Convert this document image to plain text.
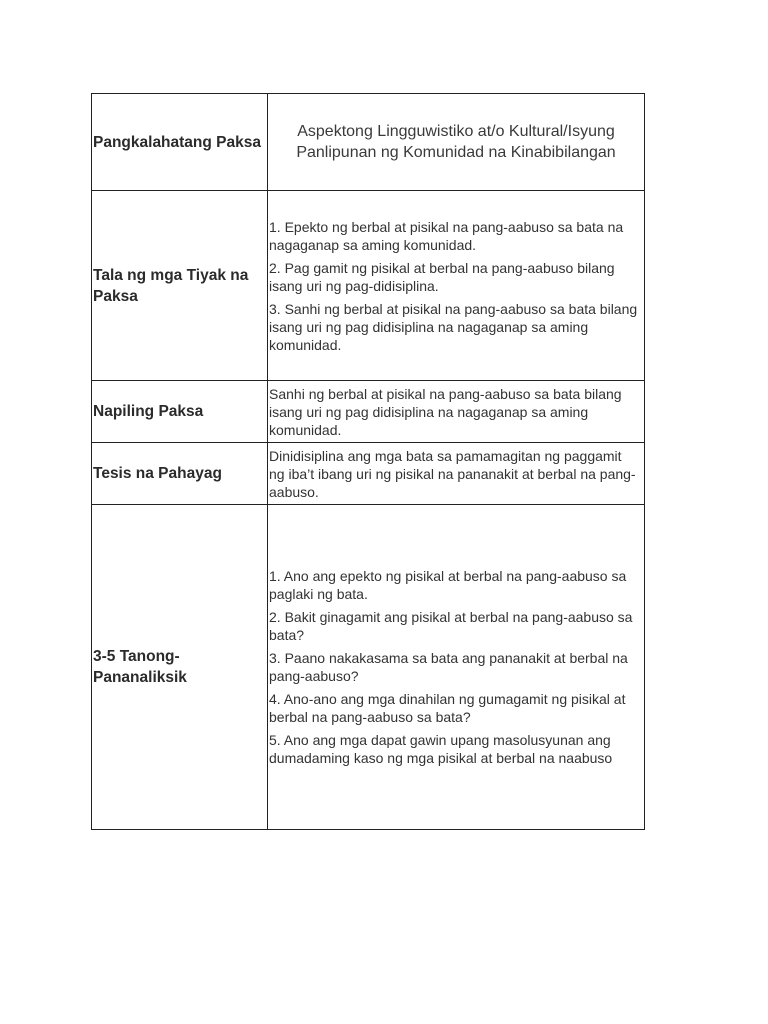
Pangkalahatang Paksa	Aspektong Lingguwistiko at/o Kultural/Isyung Panlipunan ng Komunidad na Kinabibilangan
Tala ng mga Tiyak na Paksa	1. Epekto ng berbal at pisikal na pang-aabuso sa bata na nagaganap sa aming komunidad.

2. Pag gamit ng pisikal at berbal na pang-aabuso bilang isang uri ng pag-didisiplina.

3. Sanhi ng berbal at pisikal na pang-aabuso sa bata bilang isang uri ng pag didisiplina na nagaganap sa aming komunidad.

Napiling Paksa	Sanhi ng berbal at pisikal na pang-aabuso sa bata bilang isang uri ng pag didisiplina na nagaganap sa aming komunidad.

Tesis na Pahayag	Dinidisiplina ang mga bata sa pamamagitan ng paggamit ng iba’t ibang uri ng pisikal na pananakit at berbal na pang-aabuso.

3-5 Tanong-Pananaliksik	1. Ano ang epekto ng pisikal at berbal na pang-aabuso sa paglaki ng bata.

2. Bakit ginagamit ang pisikal at berbal na pang-aabuso sa bata?

3. Paano nakakasama sa bata ang pananakit at berbal na pang-aabuso?

4. Ano-ano ang mga dinahilan ng gumagamit ng pisikal at berbal na pang-aabuso sa bata?

5. Ano ang mga dapat gawin upang masolusyunan ang dumadaming kaso ng mga pisikal at berbal na naabuso
